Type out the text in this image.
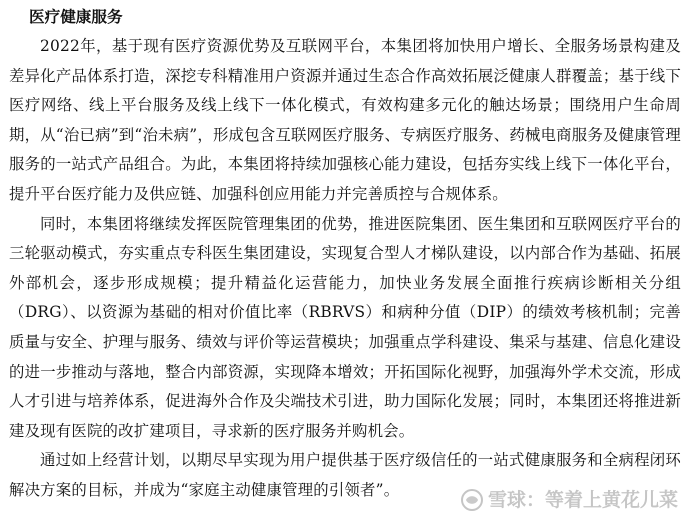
医疗健康服务

2022年，基于现有医疗资源优势及互联网平台，本集团将加快用户增长、全服务场景构建及差异化产品体系打造，深挖专科精准用户资源并通过生态合作高效拓展泛健康人群覆盖；基于线下医疗网络、线上平台服务及线上线下一体化模式，有效构建多元化的触达场景；围绕用户生命周期，从“治已病”到“治未病”，形成包含互联网医疗服务、专病医疗服务、药械电商服务及健康管理服务的一站式产品组合。为此，本集团将持续加强核心能力建设，包括夯实线上线下一体化平台，提升平台医疗能力及供应链、加强科创应用能力并完善质控与合规体系。

同时，本集团将继续发挥医院管理集团的优势，推进医院集团、医生集团和互联网医疗平台的三轮驱动模式，夯实重点专科医生集团建设，实现复合型人才梯队建设，以内部合作为基础、拓展外部机会，逐步形成规模；提升精益化运营能力，加快业务发展全面推行疾病诊断相关分组（DRG）、以资源为基础的相对价值比率（RBRVS）和病种分值（DIP）的绩效考核机制；完善质量与安全、护理与服务、绩效与评价等运营模块；加强重点学科建设、集采与基建、信息化建设的进一步推动与落地，整合内部资源，实现降本增效；开拓国际化视野，加强海外学术交流，形成人才引进与培养体系，促进海外合作及尖端技术引进，助力国际化发展；同时，本集团还将推进新建及现有医院的改扩建项目，寻求新的医疗服务并购机会。

通过如上经营计划，以期尽早实现为用户提供基于医疗级信任的一站式健康服务和全病程闭环解决方案的目标，并成为“家庭主动健康管理的引领者”。	雪球：等着上黄花儿菜
